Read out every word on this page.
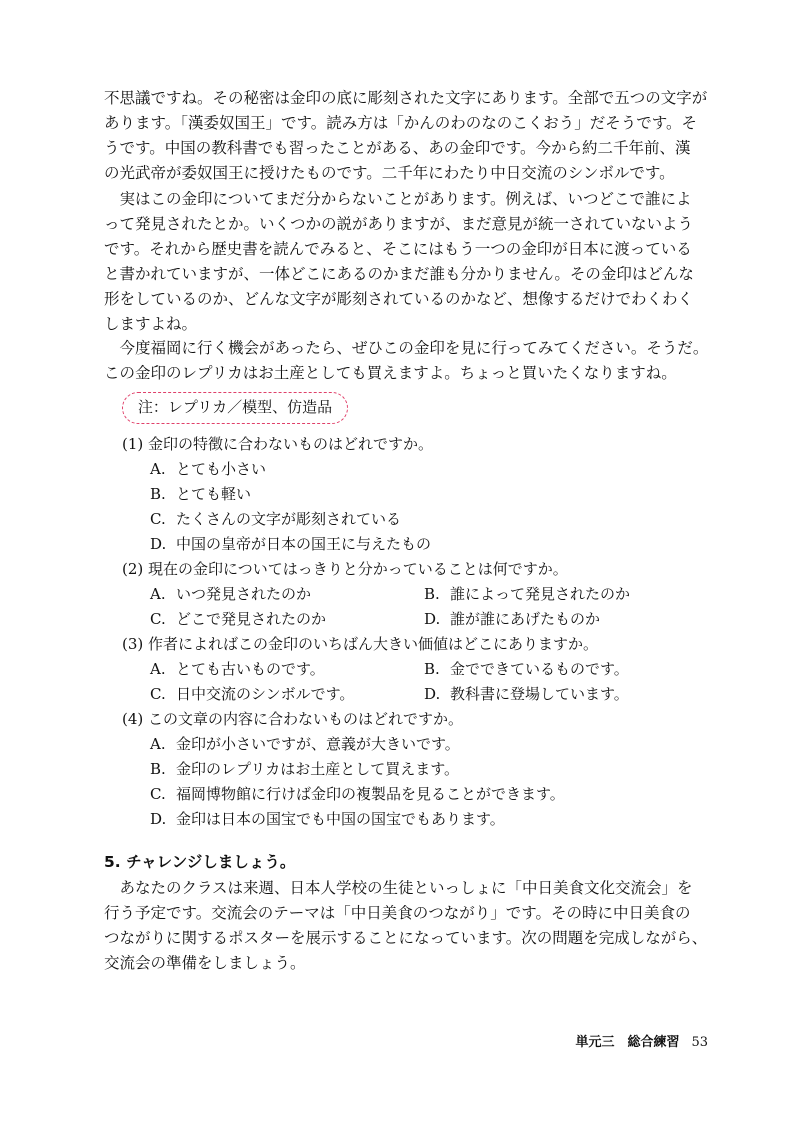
不思議ですね。その秘密は金印の底に彫刻された文字にあります。全部で五つの文字が
あります。「漢委奴国王」です。読み方は「かんのわのなのこくおう」だそうです。そ
うです。中国の教科書でも習ったことがある、あの金印です。今から約二千年前、漢
の光武帝が委奴国王に授けたものです。二千年にわたり中日交流のシンボルです。

実はこの金印についてまだ分からないことがあります。例えば、いつどこで誰によ
って発見されたとか。いくつかの説がありますが、まだ意見が統一されていないよう
です。それから歴史書を読んでみると、そこにはもう一つの金印が日本に渡っている
と書かれていますが、一体どこにあるのかまだ誰も分かりません。その金印はどんな
形をしているのか、どんな文字が彫刻されているのかなど、想像するだけでわくわく
しますよね。

今度福岡に行く機会があったら、ぜひこの金印を見に行ってみてください。そうだ。
この金印のレプリカはお土産としても買えますよ。ちょっと買いたくなりますね。

注：レプリカ／模型、仿造品
(1) 金印の特徴に合わないものはどれですか。
A. とても小さい
B. とても軽い
C. たくさんの文字が彫刻されている
D. 中国の皇帝が日本の国王に与えたもの
(2) 現在の金印についてはっきりと分かっていることは何ですか。
A. いつ発見されたのか	B. 誰によって発見されたのか
C. どこで発見されたのか	D. 誰が誰にあげたものか
(3) 作者によればこの金印のいちばん大きい価値はどこにありますか。
A. とても古いものです。	B. 金でできているものです。
C. 日中交流のシンボルです。	D. 教科書に登場しています。
(4) この文章の内容に合わないものはどれですか。
A. 金印が小さいですが、意義が大きいです。
B. 金印のレプリカはお土産として買えます。
C. 福岡博物館に行けば金印の複製品を見ることができます。
D. 金印は日本の国宝でも中国の国宝でもあります。
5. チャレンジしましょう。

あなたのクラスは来週、日本人学校の生徒といっしょに「中日美食文化交流会」を
行う予定です。交流会のテーマは「中日美食のつながり」です。その時に中日美食の
つながりに関するポスターを展示することになっています。次の問題を完成しながら、
交流会の準備をしましょう。

単元三　総合練習 53
